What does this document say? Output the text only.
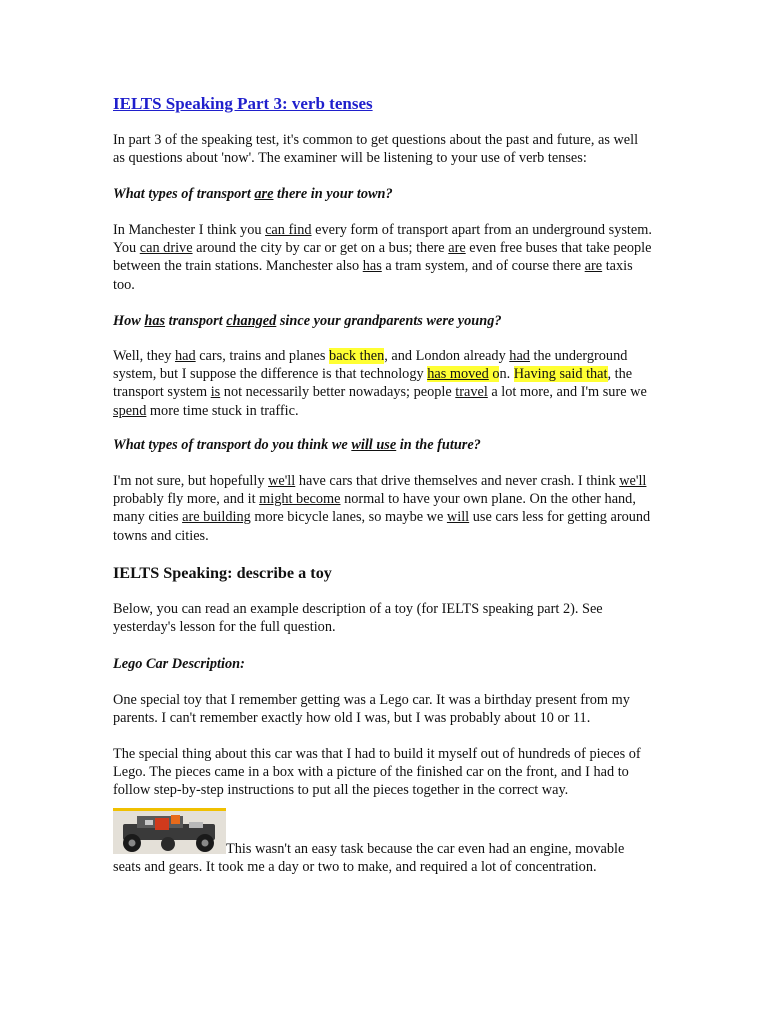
IELTS Speaking Part 3: verb tenses

In part 3 of the speaking test, it's common to get questions about the past and future, as well as questions about 'now'. The examiner will be listening to your use of verb tenses:

What types of transport are there in your town?

In Manchester I think you can find every form of transport apart from an underground system. You can drive around the city by car or get on a bus; there are even free buses that take people between the train stations. Manchester also has a tram system, and of course there are taxis too.

How has transport changed since your grandparents were young?

Well, they had cars, trains and planes back then, and London already had the underground system, but I suppose the difference is that technology has moved on. Having said that, the transport system is not necessarily better nowadays; people travel a lot more, and I'm sure we spend more time stuck in traffic.

What types of transport do you think we will use in the future?

I'm not sure, but hopefully we'll have cars that drive themselves and never crash. I think we'll probably fly more, and it might become normal to have your own plane. On the other hand, many cities are building more bicycle lanes, so maybe we will use cars less for getting around towns and cities.

IELTS Speaking: describe a toy

Below, you can read an example description of a toy (for IELTS speaking part 2). See yesterday's lesson for the full question.

Lego Car Description:

One special toy that I remember getting was a Lego car. It was a birthday present from my parents. I can't remember exactly how old I was, but I was probably about 10 or 11.

The special thing about this car was that I had to build it myself out of hundreds of pieces of Lego. The pieces came in a box with a picture of the finished car on the front, and I had to follow step-by-step instructions to put all the pieces together in the correct way.

This wasn't an easy task because the car even had an engine, movable seats and gears. It took me a day or two to make, and required a lot of concentration.
